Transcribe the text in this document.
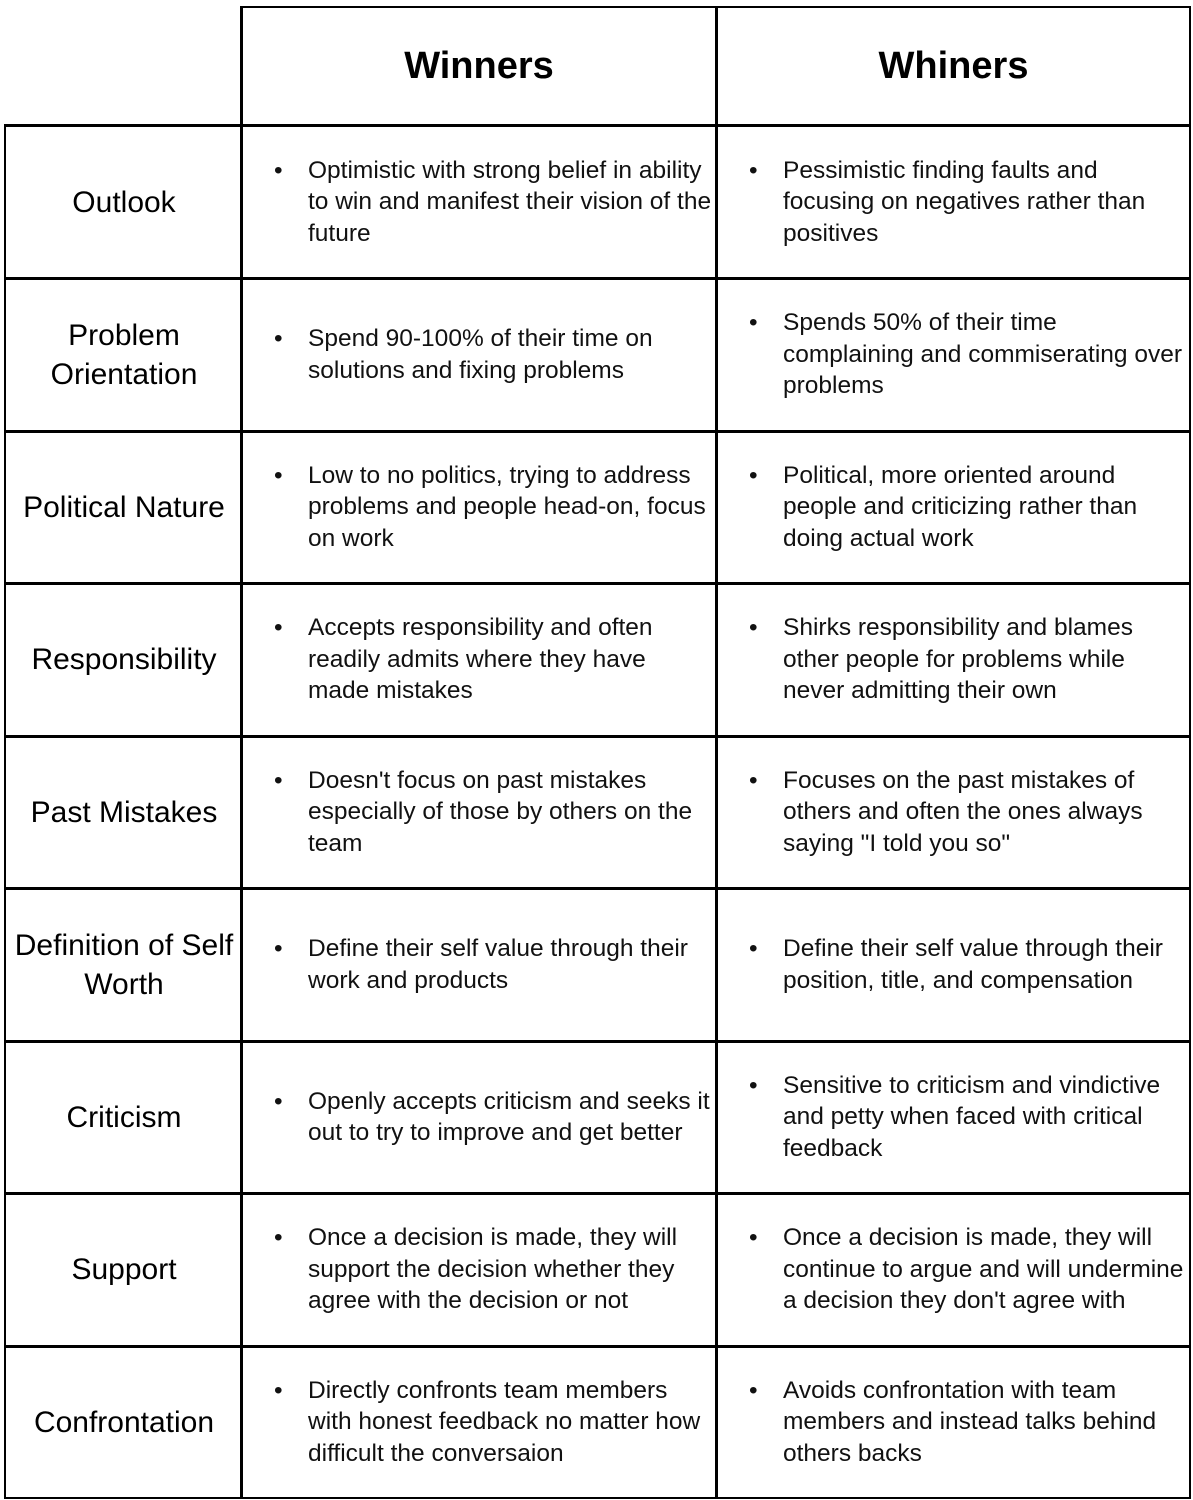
Winners	Whiners
Outlook
• Optimistic with strong belief in ability to win and manifest their vision of the future
• Pessimistic finding faults and focusing on negatives rather than positives
Problem Orientation
• Spend 90-100% of their time on solutions and fixing problems
• Spends 50% of their time complaining and commiserating over problems
Political Nature
• Low to no politics, trying to address problems and people head-on, focus on work
• Political, more oriented around people and criticizing rather than doing actual work
Responsibility
• Accepts responsibility and often readily admits where they have made mistakes
• Shirks responsibility and blames other people for problems while never admitting their own
Past Mistakes
• Doesn't focus on past mistakes especially of those by others on the team
• Focuses on the past mistakes of others and often the ones always saying "I told you so"
Definition of Self Worth
• Define their self value through their work and products
• Define their self value through their position, title, and compensation
Criticism	• Openly accepts criticism and seeks it out to try to improve and get better
• Sensitive to criticism and vindictive and petty when faced with critical feedback
Support
• Once a decision is made, they will support the decision whether they agree with the decision or not
• Once a decision is made, they will continue to argue and will undermine a decision they don't agree with
Confrontation
• Directly confronts team members with honest feedback no matter how difficult the conversaion
• Avoids confrontation with team members and instead talks behind others backs
